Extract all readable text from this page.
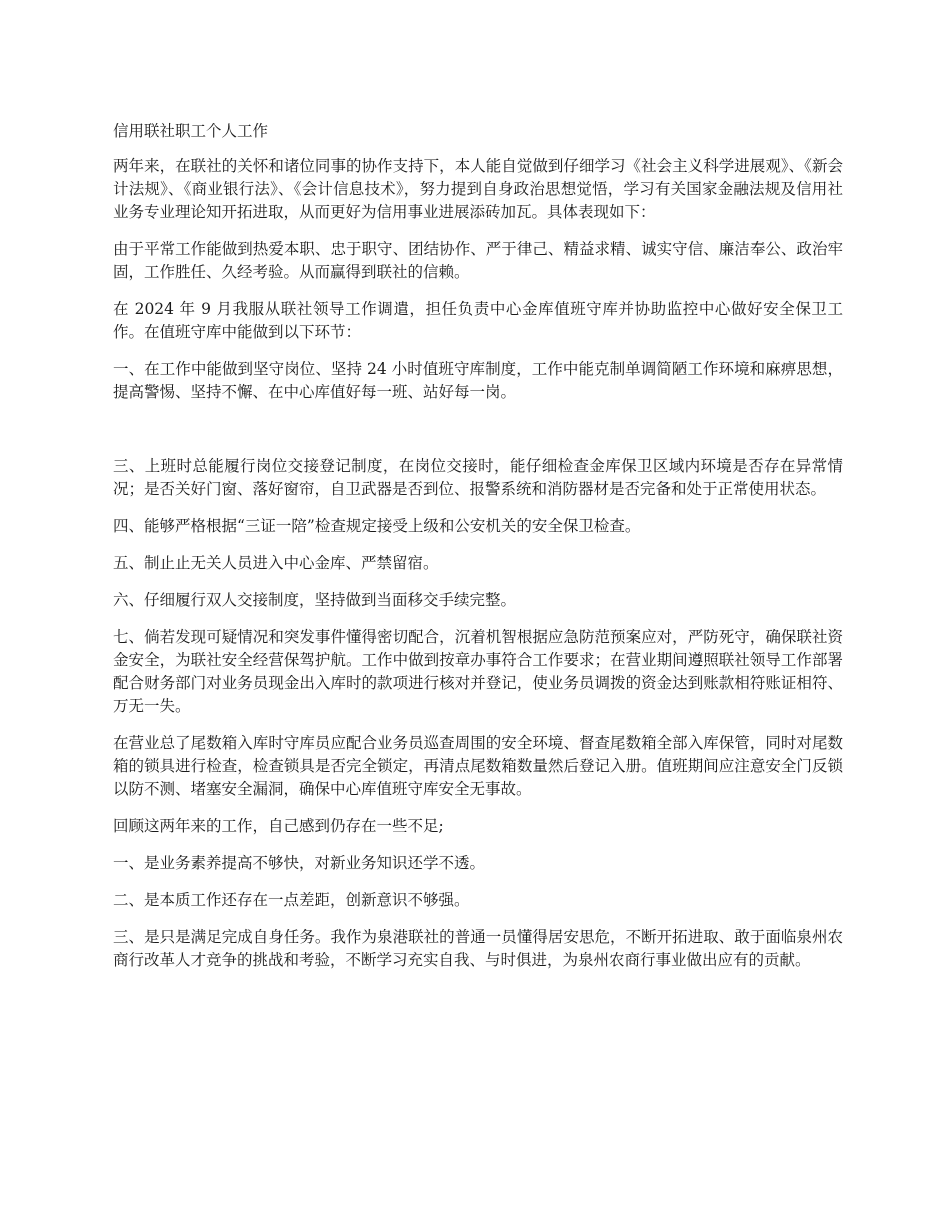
信用联社职工个人工作

两年来，在联社的关怀和诸位同事的协作支持下，本人能自觉做到仔细学习《社会主义科学进展观》、《新会计法规》、《商业银行法》、《会计信息技术》，努力提到自身政治思想觉悟，学习有关国家金融法规及信用社业务专业理论知开拓进取，从而更好为信用事业进展添砖加瓦。具体表现如下：

由于平常工作能做到热爱本职、忠于职守、团结协作、严于律己、精益求精、诚实守信、廉洁奉公、政治牢固，工作胜任、久经考验。从而赢得到联社的信赖。

在 2024 年 9 月我服从联社领导工作调遣，担任负责中心金库值班守库并协助监控中心做好安全保卫工作。在值班守库中能做到以下环节：

一、在工作中能做到坚守岗位、坚持 24 小时值班守库制度，工作中能克制单调简陋工作环境和麻痹思想，提高警惕、坚持不懈、在中心库值好每一班、站好每一岗。

三、上班时总能履行岗位交接登记制度，在岗位交接时，能仔细检查金库保卫区域内环境是否存在异常情况；是否关好门窗、落好窗帘，自卫武器是否到位、报警系统和消防器材是否完备和处于正常使用状态。

四、能够严格根据“三证一陪”检查规定接受上级和公安机关的安全保卫检查。

五、制止止无关人员进入中心金库、严禁留宿。

六、仔细履行双人交接制度，坚持做到当面移交手续完整。

七、倘若发现可疑情况和突发事件懂得密切配合，沉着机智根据应急防范预案应对，严防死守，确保联社资金安全，为联社安全经营保驾护航。工作中做到按章办事符合工作要求；在营业期间遵照联社领导工作部署配合财务部门对业务员现金出入库时的款项进行核对并登记，使业务员调拨的资金达到账款相符账证相符、万无一失。

在营业总了尾数箱入库时守库员应配合业务员巡查周围的安全环境、督查尾数箱全部入库保管，同时对尾数箱的锁具进行检查，检查锁具是否完全锁定，再清点尾数箱数量然后登记入册。值班期间应注意安全门反锁以防不测、堵塞安全漏洞，确保中心库值班守库安全无事故。

回顾这两年来的工作，自己感到仍存在一些不足;

一、是业务素养提高不够快，对新业务知识还学不透。

二、是本质工作还存在一点差距，创新意识不够强。

三、是只是满足完成自身任务。我作为泉港联社的普通一员懂得居安思危，不断开拓进取、敢于面临泉州农商行改革人才竞争的挑战和考验，不断学习充实自我、与时俱进，为泉州农商行事业做出应有的贡献。
